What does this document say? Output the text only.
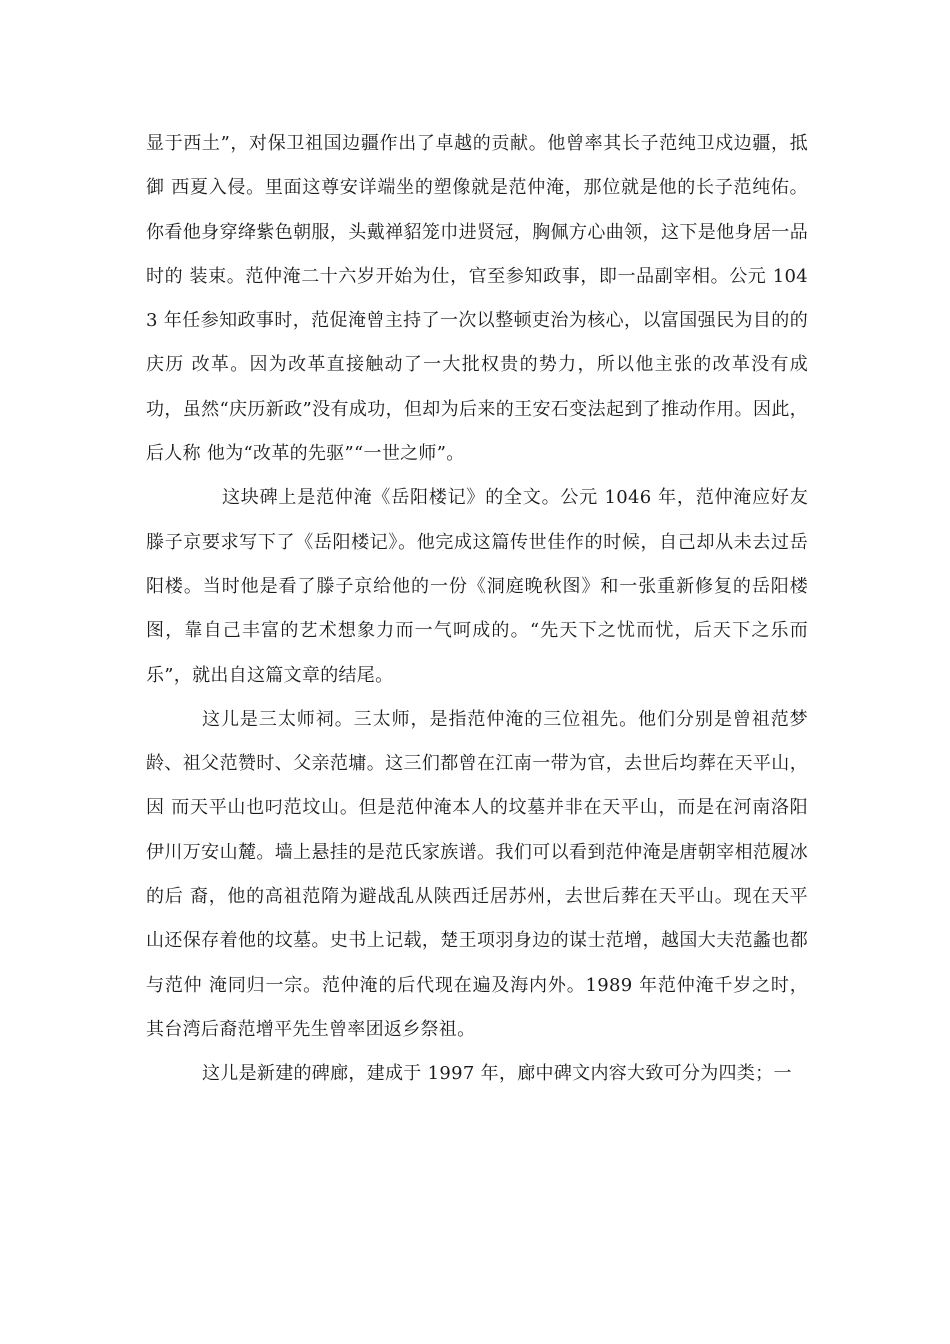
显于西土”，对保卫祖国边疆作出了卓越的贡献。他曾率其长子范纯卫戍边疆，抵御 西夏入侵。里面这尊安详端坐的塑像就是范仲淹，那位就是他的长子范纯佑。你看他身穿绛紫色朝服，头戴禅貂笼巾进贤冠，胸佩方心曲领，这下是他身居一品时的 装束。范仲淹二十六岁开始为仕，官至参知政事，即一品副宰相。公元 1043 年任参知政事时，范促淹曾主持了一次以整顿吏治为核心，以富国强民为目的的庆历 改革。因为改革直接触动了一大批权贵的势力，所以他主张的改革没有成功，虽然“庆历新政”没有成功，但却为后来的王安石变法起到了推动作用。因此，后人称 他为“改革的先驱”“一世之师”。

这块碑上是范仲淹《岳阳楼记》的全文。公元 1046 年，范仲淹应好友滕子京要求写下了《岳阳楼记》。他完成这篇传世佳作的时候，自己却从未去过岳 阳楼。当时他是看了滕子京给他的一份《洞庭晚秋图》和一张重新修复的岳阳楼图，靠自己丰富的艺术想象力而一气呵成的。“先天下之忧而忧，后天下之乐而 乐”，就出自这篇文章的结尾。

这儿是三太师祠。三太师，是指范仲淹的三位祖先。他们分别是曾祖范梦龄、祖父范赞时、父亲范墉。这三们都曾在江南一带为官，去世后均葬在天平山，因 而天平山也叼范坟山。但是范仲淹本人的坟墓并非在天平山，而是在河南洛阳伊川万安山麓。墙上悬挂的是范氏家族谱。我们可以看到范仲淹是唐朝宰相范履冰的后 裔，他的高祖范隋为避战乱从陕西迁居苏州，去世后葬在天平山。现在天平山还保存着他的坟墓。史书上记载，楚王项羽身边的谋士范增，越国大夫范蠡也都与范仲 淹同归一宗。范仲淹的后代现在遍及海内外。1989 年范仲淹千岁之时，其台湾后裔范增平先生曾率团返乡祭祖。

这儿是新建的碑廊，建成于 1997 年，廊中碑文内容大致可分为四类；一
